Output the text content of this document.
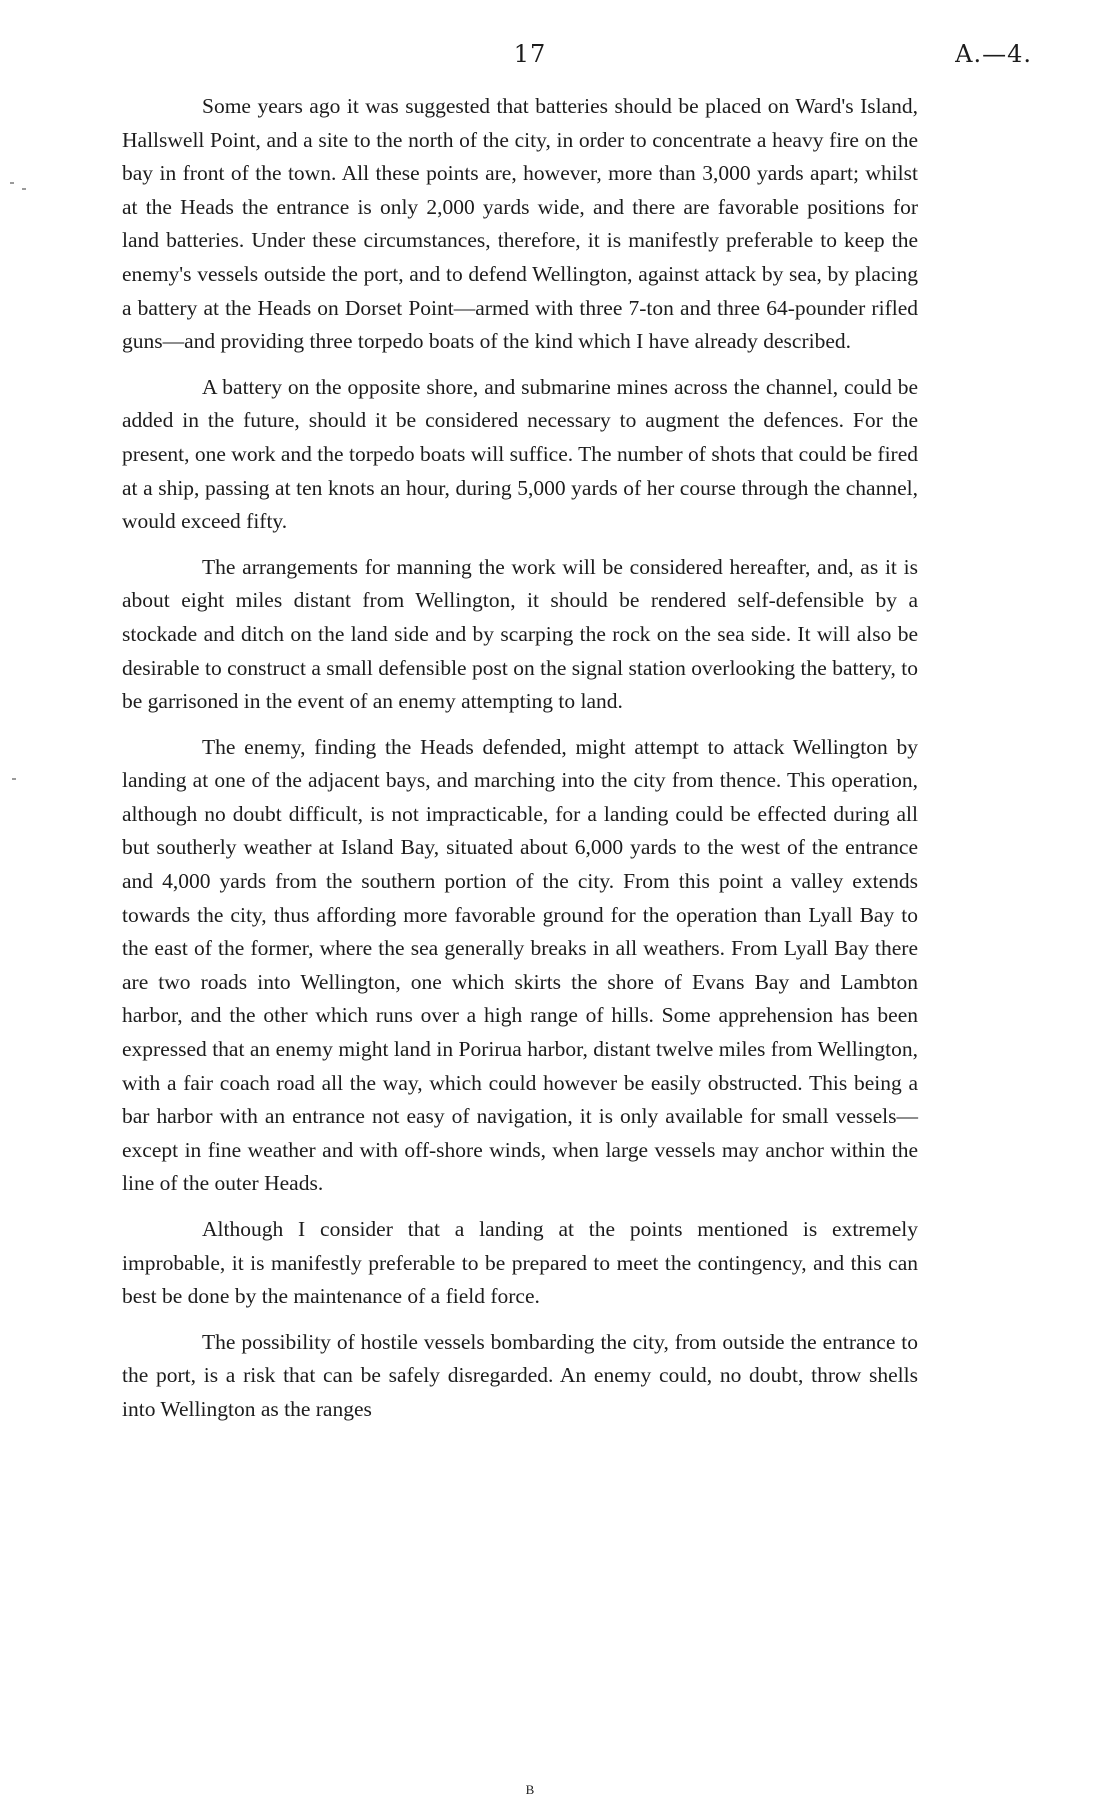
17	A.—4.

Some years ago it was suggested that batteries should be placed on Ward's Island, Hallswell Point, and a site to the north of the city, in order to concentrate a heavy fire on the bay in front of the town. All these points are, however, more than 3,000 yards apart; whilst at the Heads the entrance is only 2,000 yards wide, and there are favorable positions for land batteries. Under these circumstances, therefore, it is manifestly preferable to keep the enemy's vessels outside the port, and to defend Wellington, against attack by sea, by placing a battery at the Heads on Dorset Point—armed with three 7-ton and three 64-pounder rifled guns—and providing three torpedo boats of the kind which I have already described.

A battery on the opposite shore, and submarine mines across the channel, could be added in the future, should it be considered necessary to augment the defences. For the present, one work and the torpedo boats will suffice. The number of shots that could be fired at a ship, passing at ten knots an hour, during 5,000 yards of her course through the channel, would exceed fifty.

The arrangements for manning the work will be considered hereafter, and, as it is about eight miles distant from Wellington, it should be rendered self-defensible by a stockade and ditch on the land side and by scarping the rock on the sea side. It will also be desirable to construct a small defensible post on the signal station overlooking the battery, to be garrisoned in the event of an enemy attempting to land.

The enemy, finding the Heads defended, might attempt to attack Wellington by landing at one of the adjacent bays, and marching into the city from thence. This operation, although no doubt difficult, is not impracticable, for a landing could be effected during all but southerly weather at Island Bay, situated about 6,000 yards to the west of the entrance and 4,000 yards from the southern portion of the city. From this point a valley extends towards the city, thus affording more favorable ground for the operation than Lyall Bay to the east of the former, where the sea generally breaks in all weathers. From Lyall Bay there are two roads into Wellington, one which skirts the shore of Evans Bay and Lambton harbor, and the other which runs over a high range of hills. Some apprehension has been expressed that an enemy might land in Porirua harbor, distant twelve miles from Wellington, with a fair coach road all the way, which could however be easily obstructed. This being a bar harbor with an entrance not easy of navigation, it is only available for small vessels—except in fine weather and with off-shore winds, when large vessels may anchor within the line of the outer Heads.

Although I consider that a landing at the points mentioned is extremely improbable, it is manifestly preferable to be prepared to meet the contingency, and this can best be done by the maintenance of a field force.

The possibility of hostile vessels bombarding the city, from outside the entrance to the port, is a risk that can be safely disregarded. An enemy could, no doubt, throw shells into Wellington as the ranges

B
